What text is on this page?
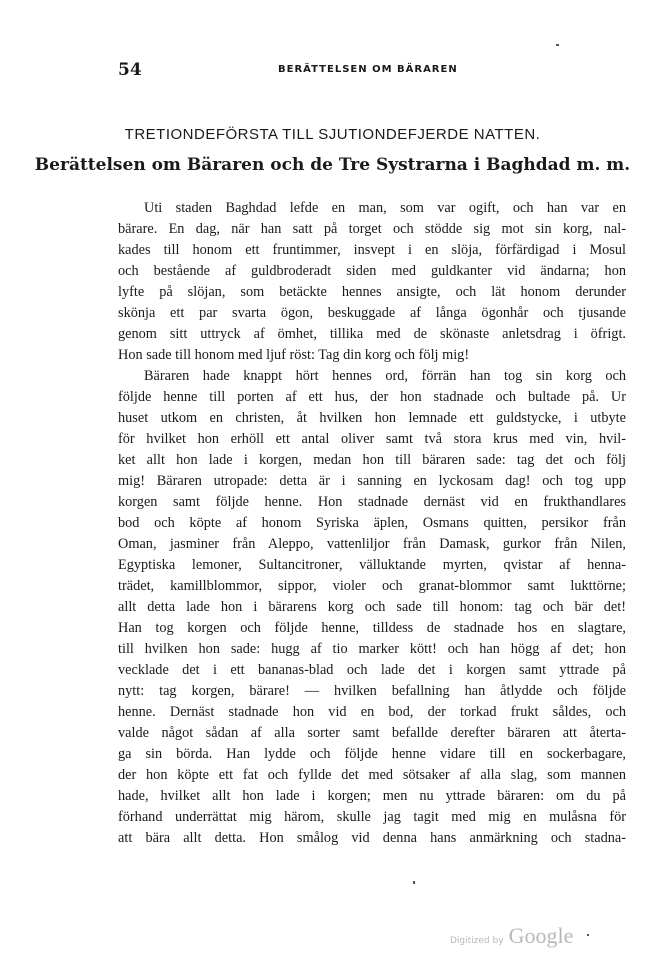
54	BERÄTTELSEN OM BÄRAREN
TRETIONDEFÖRSTA TILL SJUTIONDEFJERDE NATTEN.
Berättelsen om Bäraren och de Tre Systrarna i Baghdad m. m.
Uti staden Baghdad lefde en man, som var ogift, och han var en
bärare. En dag, när han satt på torget och stödde sig mot sin korg, nal-
kades till honom ett fruntimmer, insvept i en slöja, förfärdigad i Mosul
och bestående af guldbroderadt siden med guldkanter vid ändarna; hon
lyfte på slöjan, som betäckte hennes ansigte, och lät honom derunder
skönja ett par svarta ögon, beskuggade af långa ögonhår och tjusande
genom sitt uttryck af ömhet, tillika med de skönaste anletsdrag i öfrigt.
Hon sade till honom med ljuf röst: Tag din korg och följ mig!
Bäraren hade knappt hört hennes ord, förrän han tog sin korg och
följde henne till porten af ett hus, der hon stadnade och bultade på. Ur
huset utkom en christen, åt hvilken hon lemnade ett guldstycke, i utbyte
för hvilket hon erhöll ett antal oliver samt två stora krus med vin, hvil-
ket allt hon lade i korgen, medan hon till bäraren sade: tag det och följ
mig! Bäraren utropade: detta är i sanning en lyckosam dag! och tog upp
korgen samt följde henne. Hon stadnade dernäst vid en frukthandlares
bod och köpte af honom Syriska äplen, Osmans quitten, persikor från
Oman, jasminer från Aleppo, vattenliljor från Damask, gurkor från Nilen,
Egyptiska lemoner, Sultancitroner, välluktande myrten, qvistar af henna-
trädet, kamillblommor, sippor, violer och granat-blommor samt lukttörne;
allt detta lade hon i bärarens korg och sade till honom: tag och bär det!
Han tog korgen och följde henne, tilldess de stadnade hos en slagtare,
till hvilken hon sade: hugg af tio marker kött! och han högg af det; hon
vecklade det i ett bananas-blad och lade det i korgen samt yttrade på
nytt: tag korgen, bärare! — hvilken befallning han åtlydde och följde
henne. Dernäst stadnade hon vid en bod, der torkad frukt såldes, och
valde något sådan af alla sorter samt befallde derefter bäraren att återta-
ga sin börda. Han lydde och följde henne vidare till en sockerbagare,
der hon köpte ett fat och fyllde det med sötsaker af alla slag, som mannen
hade, hvilket allt hon lade i korgen; men nu yttrade bäraren: om du på
förhand underrättat mig härom, skulle jag tagit med mig en mulåsna för
att bära allt detta. Hon smålog vid denna hans anmärkning och stadna-
Digitized by Google
